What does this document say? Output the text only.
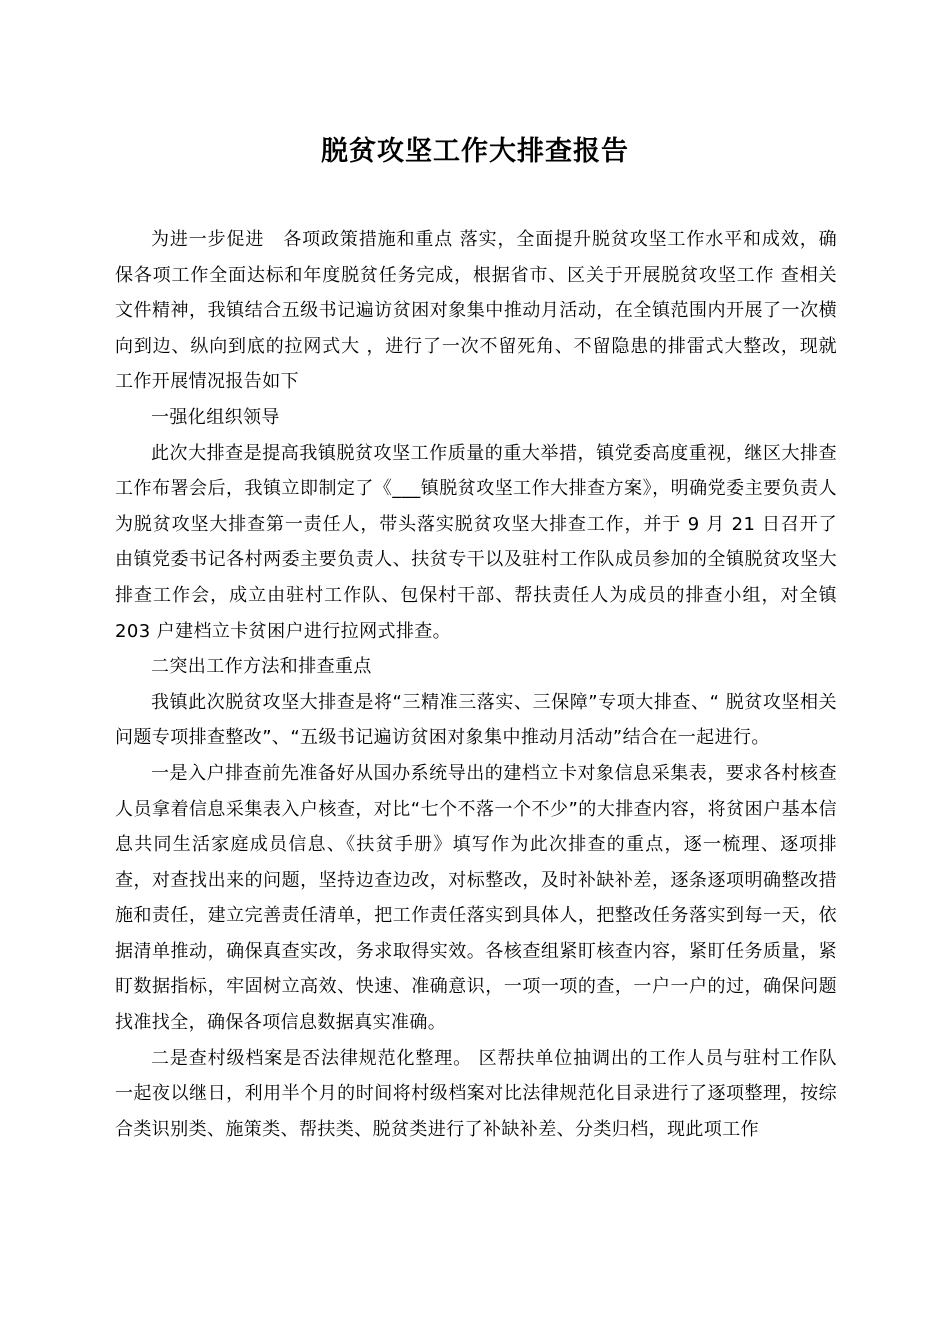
脱贫攻坚工作大排查报告

为进一步促进　各项政策措施和重点 落实，全面提升脱贫攻坚工作水平和成效，确保各项工作全面达标和年度脱贫任务完成，根据省市、区关于开展脱贫攻坚工作 查相关文件精神，我镇结合五级书记遍访贫困对象集中推动月活动，在全镇范围内开展了一次横向到边、纵向到底的拉网式大 ，进行了一次不留死角、不留隐患的排雷式大整改，现就工作开展情况报告如下

一强化组织领导

此次大排查是提高我镇脱贫攻坚工作质量的重大举措，镇党委高度重视，继区大排查工作布署会后，我镇立即制定了《___镇脱贫攻坚工作大排查方案》，明确党委主要负责人为脱贫攻坚大排查第一责任人，带头落实脱贫攻坚大排查工作，并于 9 月 21 日召开了由镇党委书记各村两委主要负责人、扶贫专干以及驻村工作队成员参加的全镇脱贫攻坚大排查工作会，成立由驻村工作队、包保村干部、帮扶责任人为成员的排查小组，对全镇 203 户建档立卡贫困户进行拉网式排查。

二突出工作方法和排查重点

我镇此次脱贫攻坚大排查是将“三精准三落实、三保障”专项大排查、“ 脱贫攻坚相关问题专项排查整改”、“五级书记遍访贫困对象集中推动月活动”结合在一起进行。

一是入户排查前先准备好从国办系统导出的建档立卡对象信息采集表，要求各村核查人员拿着信息采集表入户核查，对比“七个不落一个不少”的大排查内容，将贫困户基本信息共同生活家庭成员信息、《扶贫手册》填写作为此次排查的重点，逐一梳理、逐项排查，对查找出来的问题，坚持边查边改，对标整改，及时补缺补差，逐条逐项明确整改措施和责任，建立完善责任清单，把工作责任落实到具体人，把整改任务落实到每一天，依据清单推动，确保真查实改，务求取得实效。各核查组紧盯核查内容，紧盯任务质量，紧盯数据指标，牢固树立高效、快速、准确意识，一项一项的查，一户一户的过，确保问题找准找全，确保各项信息数据真实准确。

二是查村级档案是否法律规范化整理。 区帮扶单位抽调出的工作人员与驻村工作队一起夜以继日，利用半个月的时间将村级档案对比法律规范化目录进行了逐项整理，按综合类识别类、施策类、帮扶类、脱贫类进行了补缺补差、分类归档，现此项工作
